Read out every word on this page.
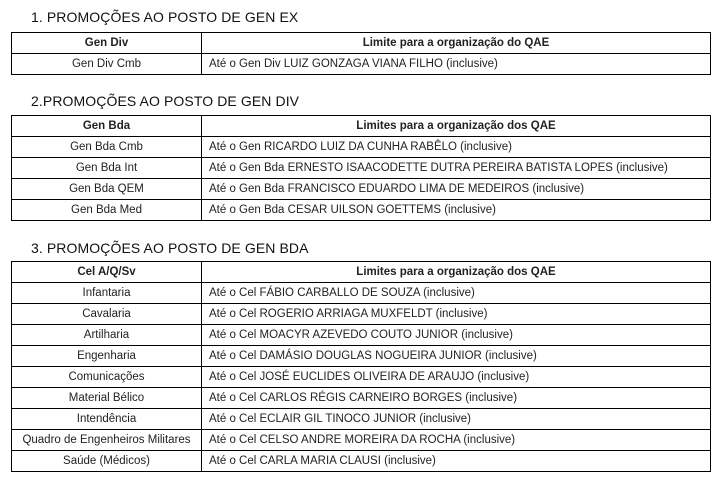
1. PROMOÇÕES AO POSTO DE GEN EX
Gen Div	Limite para a organização do QAE
Gen Div Cmb	Até o Gen Div LUIZ GONZAGA VIANA FILHO (inclusive)
2.PROMOÇÕES AO POSTO DE GEN DIV
Gen Bda	Limites para a organização dos QAE
Gen Bda Cmb	Até o Gen RICARDO LUIZ DA CUNHA RABÊLO (inclusive)
Gen Bda Int	Até o Gen Bda ERNESTO ISAACODETTE DUTRA PEREIRA BATISTA LOPES (inclusive)
Gen Bda QEM	Até o Gen Bda FRANCISCO EDUARDO LIMA DE MEDEIROS (inclusive)
Gen Bda Med	Até o Gen Bda CESAR UILSON GOETTEMS (inclusive)
3. PROMOÇÕES AO POSTO DE GEN BDA
Cel A/Q/Sv	Limites para a organização dos QAE
Infantaria	Até o Cel FÁBIO CARBALLO DE SOUZA (inclusive)
Cavalaria	Até o Cel ROGERIO ARRIAGA MUXFELDT (inclusive)
Artilharia	Até o Cel MOACYR AZEVEDO COUTO JUNIOR (inclusive)
Engenharia	Até o Cel DAMÁSIO DOUGLAS NOGUEIRA JUNIOR (inclusive)
Comunicações	Até o Cel JOSÉ EUCLIDES OLIVEIRA DE ARAUJO (inclusive)
Material Bélico	Até o Cel CARLOS RÉGIS CARNEIRO BORGES (inclusive)
Intendência	Até o Cel ECLAIR GIL TINOCO JUNIOR (inclusive)
Quadro de Engenheiros Militares	Até o Cel CELSO ANDRE MOREIRA DA ROCHA (inclusive)
Saúde (Médicos)	Até o Cel CARLA MARIA CLAUSI (inclusive)
